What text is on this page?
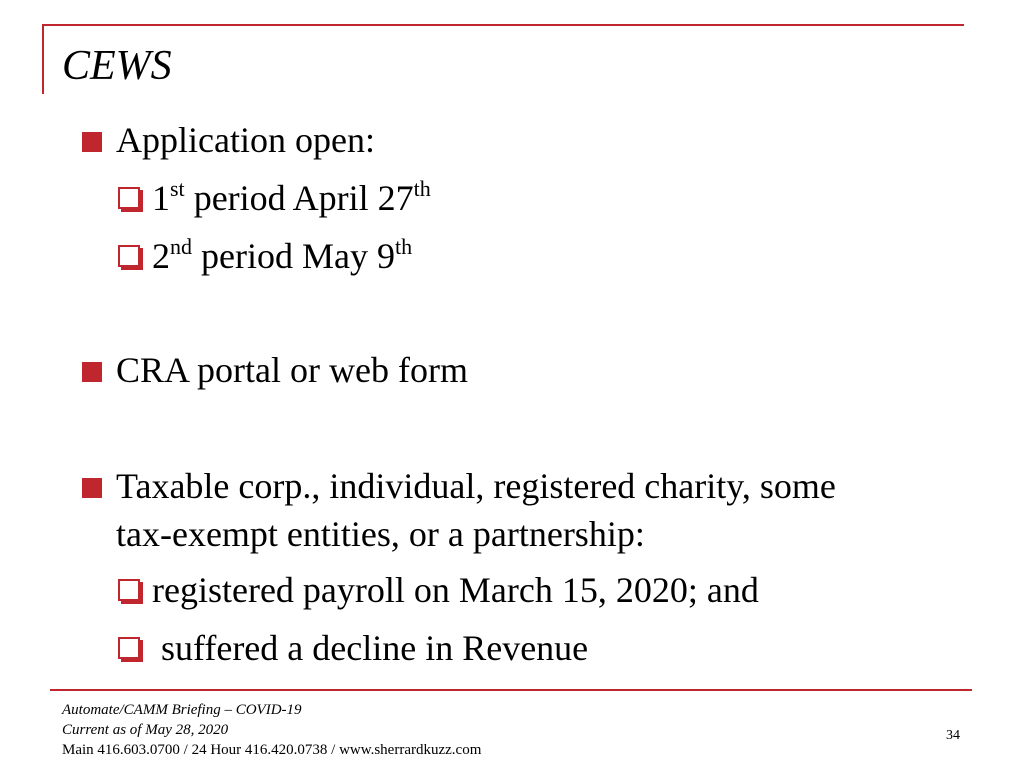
CEWS
Application open:
1st period April 27th
2nd period May 9th
CRA portal or web form
Taxable corp., individual, registered charity, some
tax-exempt entities, or a partnership:
registered payroll on March 15, 2020; and
suffered a decline in Revenue
Automate/CAMM Briefing – COVID-19
Current as of May 28, 2020
Main 416.603.0700 / 24 Hour 416.420.0738 / www.sherrardkuzz.com
34
